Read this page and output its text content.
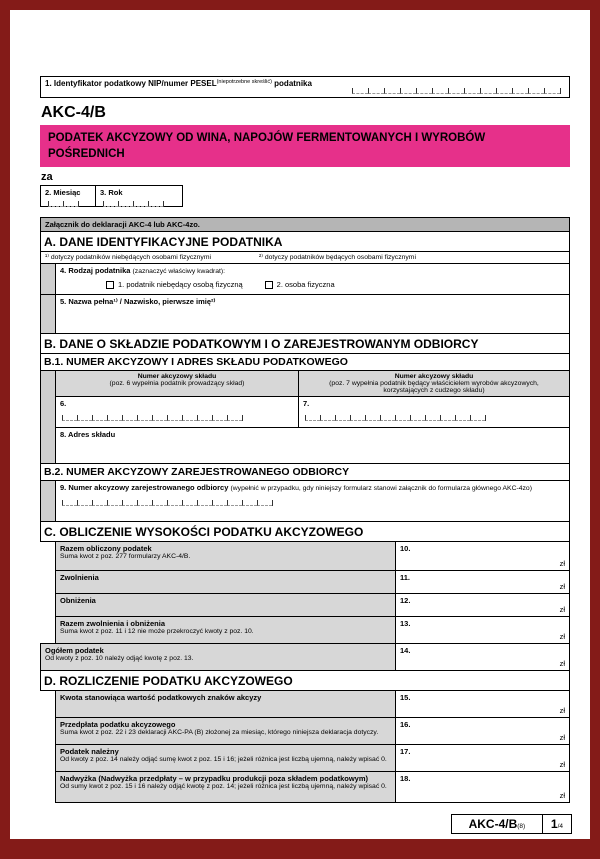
1. Identyfikator podatkowy NIP/numer $PESEL^{(niepotrzebne skreślić)}$ podatnika
AKC-4/B
PODATEK AKCYZOWY OD WINA, NAPOJÓW FERMENTOWANYCH I WYROBÓW POŚREDNICH
za
2. Miesiąc	3. Rok
Załącznik do deklaracji AKC-4 lub AKC-4zo.
A. DANE IDENTYFIKACYJNE PODATNIKA
¹⁾ dotyczy podatników niebędących osobami fizycznymi	²⁾ dotyczy podatników będących osobami fizycznymi
4. Rodzaj podatnika (zaznaczyć właściwy kwadrat):
1. podatnik niebędący osobą fizyczną	2. osoba fizyczna
5. Nazwa pełna¹⁾ / Nazwisko, pierwsze imię²⁾
B. DANE O SKŁADZIE PODATKOWYM I O ZAREJESTROWANYM ODBIORCY
B.1. NUMER AKCYZOWY I ADRES SKŁADU PODATKOWEGO
Numer akcyzowy składu
(poz. 6 wypełnia podatnik prowadzący skład)
Numer akcyzowy składu
(poz. 7 wypełnia podatnik będący właścicielem wyrobów akcyzowych, korzystających z cudzego składu)
6.	7.
8. Adres składu
B.2. NUMER AKCYZOWY ZAREJESTROWANEGO ODBIORCY
9. Numer akcyzowy zarejestrowanego odbiorcy (wypełnić w przypadku, gdy niniejszy formularz stanowi załącznik do formularza głównego AKC-4zo)
C. OBLICZENIE WYSOKOŚCI PODATKU AKCYZOWEGO
Razem obliczony podatek
Suma kwot z poz. 277 formularzy AKC-4/B.
10.
zł
Zwolnienia	11.
zł
Obniżenia	12.
zł
Razem zwolnienia i obniżenia
Suma kwot z poz. 11 i 12 nie może przekroczyć kwoty z poz. 10.
13.
zł
Ogółem podatek
Od kwoty z poz. 10 należy odjąć kwotę z poz. 13.
14.
zł
D. ROZLICZENIE PODATKU AKCYZOWEGO
Kwota stanowiąca wartość podatkowych znaków akcyzy	15.
zł
Przedpłata podatku akcyzowego
Suma kwot z poz. 22 i 23 deklaracji AKC-PA (B) złożonej za miesiąc, którego niniejsza deklaracja dotyczy.
16.
zł
Podatek należny
Od kwoty z poz. 14 należy odjąć sumę kwot z poz. 15 i 16; jeżeli różnica jest liczbą ujemną, należy wpisać 0.
17.
zł
Nadwyżka (Nadwyżka przedpłaty – w przypadku produkcji poza składem podatkowym)
Od sumy kwot z poz. 15 i 16 należy odjąć kwotę z poz. 14; jeżeli różnica jest liczbą ujemną, należy wpisać 0.
18.
zł
AKC-4/B (8) 1 /4
